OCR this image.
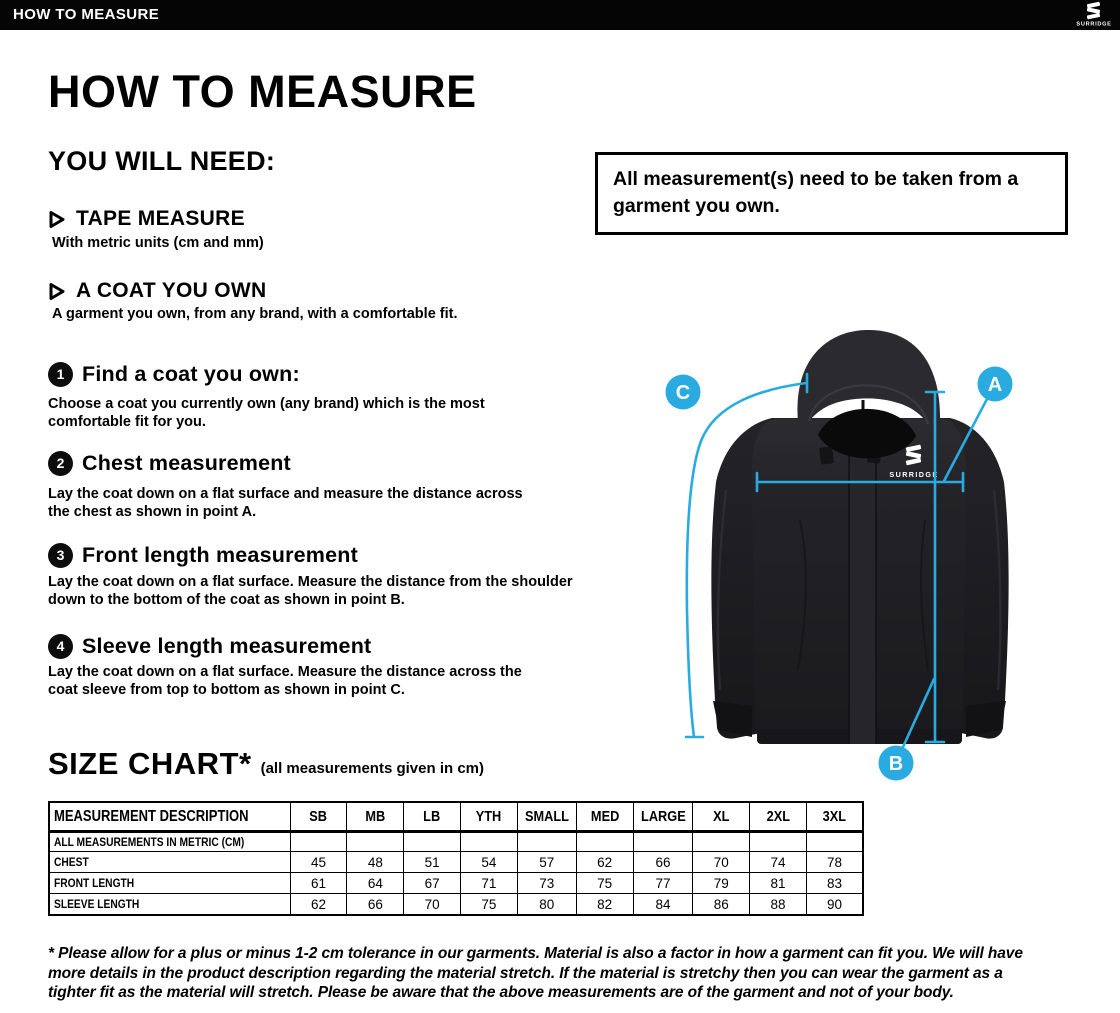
HOW TO MEASURE
SURRIDGE
HOW TO MEASURE
YOU WILL NEED:
TAPE MEASURE
With metric units (cm and mm)
A COAT YOU OWN
A garment you own, from any brand, with a comfortable fit.
All measurement(s) need to be taken from a
garment you own.
1 Find a coat you own:
Choose a coat you currently own (any brand) which is the most
comfortable fit for you.
2 Chest measurement
Lay the coat down on a flat surface and measure the distance across
the chest as shown in point A.
3 Front length measurement
Lay the coat down on a flat surface. Measure the distance from the shoulder
down to the bottom of the coat as shown in point B.
4 Sleeve length measurement
Lay the coat down on a flat surface. Measure the distance across the
coat sleeve from top to bottom as shown in point C.
SURRIDGE
A
B
C
SIZE CHART* (all measurements given in cm)
MEASUREMENT DESCRIPTION	SB	MB	LB	YTH	SMALL	MED	LARGE	XL	2XL	3XL
ALL MEASUREMENTS IN METRIC (CM)										
CHEST	45	48	51	54	57	62	66	70	74	78
FRONT LENGTH	61	64	67	71	73	75	77	79	81	83
SLEEVE LENGTH	62	66	70	75	80	82	84	86	88	90
* Please allow for a plus or minus 1-2 cm tolerance in our garments. Material is also a factor in how a garment can fit you. We will have
more details in the product description regarding the material stretch. If the material is stretchy then you can wear the garment as a
tighter fit as the material will stretch. Please be aware that the above measurements are of the garment and not of your body.
